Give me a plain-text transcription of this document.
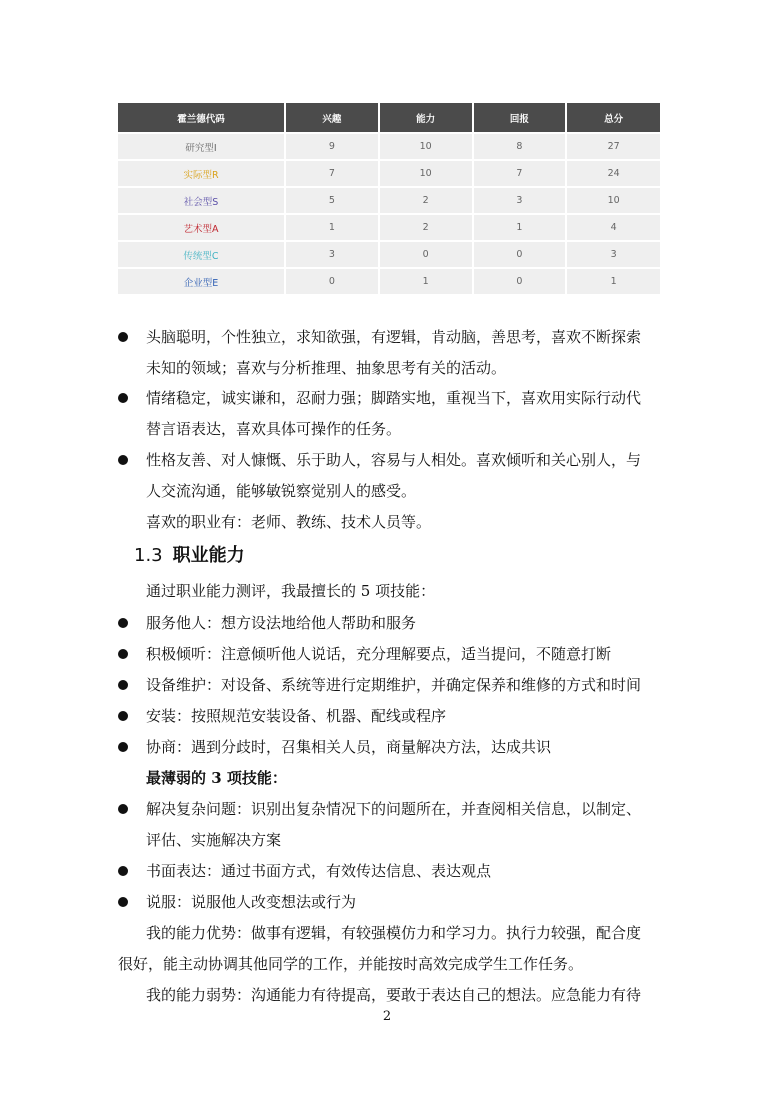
霍兰德代码	兴趣	能力	回报	总分
研究型I	9	10	8	27
实际型R	7	10	7	24
社会型S	5	2	3	10
艺术型A	1	2	1	4
传统型C	3	0	0	3
企业型E	0	1	0	1
头脑聪明，个性独立，求知欲强，有逻辑，肯动脑，善思考，喜欢不断探索
未知的领域；喜欢与分析推理、抽象思考有关的活动。
情绪稳定，诚实谦和，忍耐力强；脚踏实地，重视当下，喜欢用实际行动代
替言语表达，喜欢具体可操作的任务。
性格友善、对人慷慨、乐于助人，容易与人相处。喜欢倾听和关心别人，与
人交流沟通，能够敏锐察觉别人的感受。
喜欢的职业有：老师、教练、技术人员等。
1.3 职业能力
通过职业能力测评，我最擅长的 5 项技能：
服务他人：想方设法地给他人帮助和服务
积极倾听：注意倾听他人说话，充分理解要点，适当提问，不随意打断
设备维护：对设备、系统等进行定期维护，并确定保养和维修的方式和时间
安装：按照规范安装设备、机器、配线或程序
协商：遇到分歧时，召集相关人员，商量解决方法，达成共识
最薄弱的 3 项技能：
解决复杂问题：识别出复杂情况下的问题所在，并查阅相关信息，以制定、
评估、实施解决方案
书面表达：通过书面方式，有效传达信息、表达观点
说服：说服他人改变想法或行为
我的能力优势：做事有逻辑，有较强模仿力和学习力。执行力较强，配合度
很好，能主动协调其他同学的工作，并能按时高效完成学生工作任务。
我的能力弱势：沟通能力有待提高，要敢于表达自己的想法。应急能力有待
2
